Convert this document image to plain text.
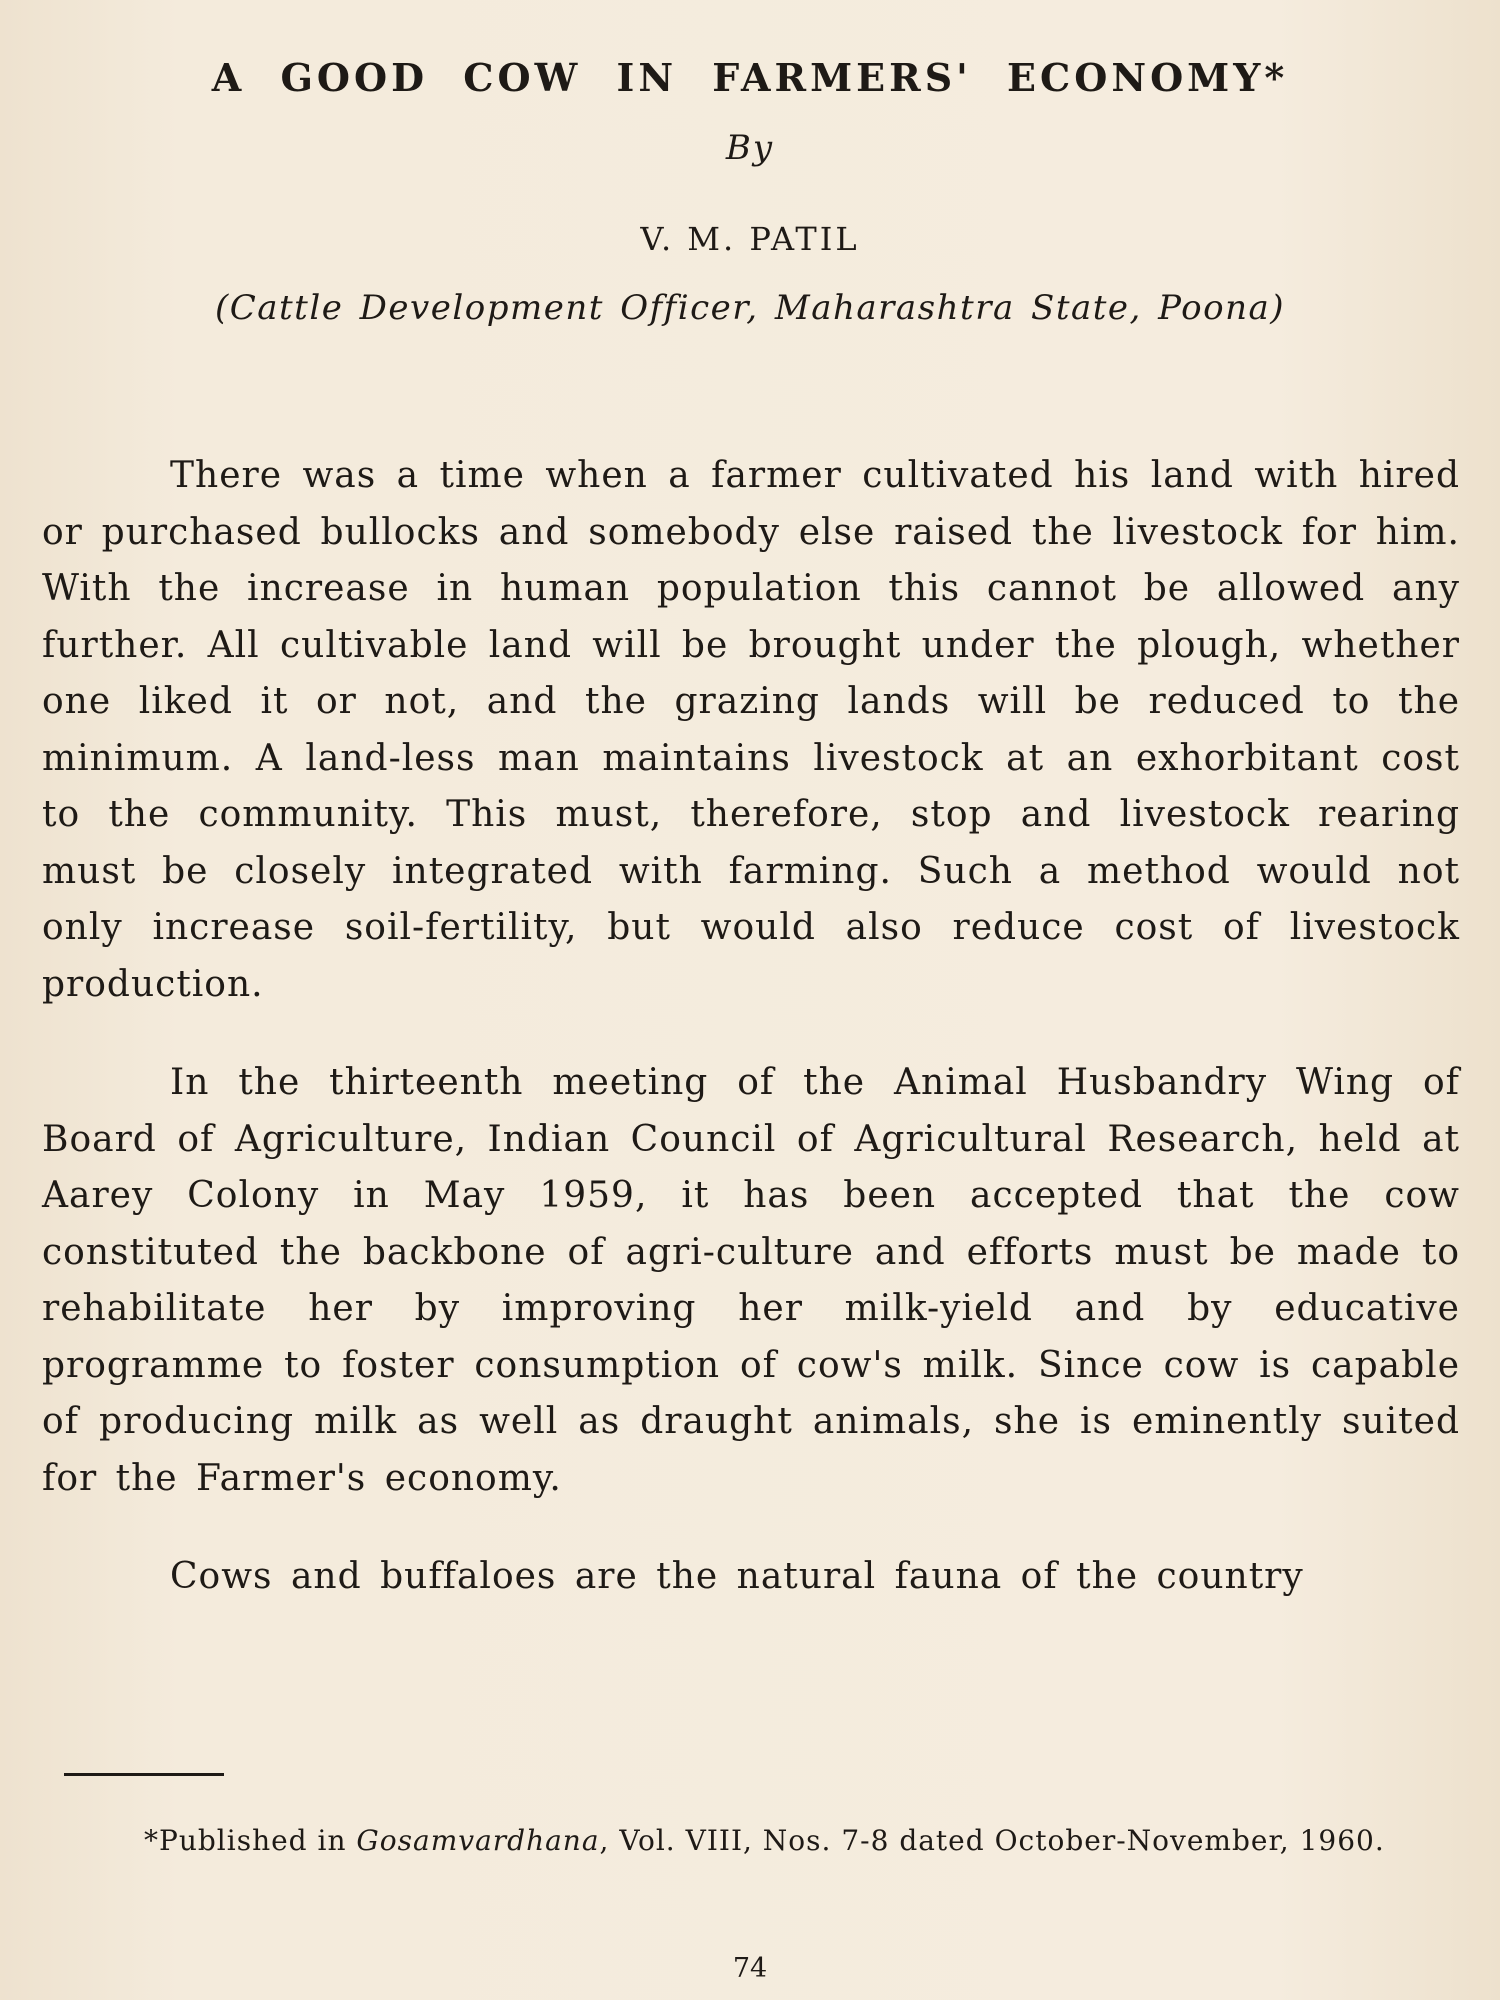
A GOOD COW IN FARMERS' ECONOMY*
By
V. M. PATIL
(Cattle Development Officer, Maharashtra State, Poona)

There was a time when a farmer cultivated his land with hired or purchased bullocks and somebody else raised the livestock for him. With the increase in human population this cannot be allowed any further. All cultivable land will be brought under the plough, whether one liked it or not, and the grazing lands will be reduced to the minimum. A land-less man maintains livestock at an exhorbitant cost to the community. This must, therefore, stop and livestock rearing must be closely integrated with farming. Such a method would not only increase soil-fertility, but would also reduce cost of livestock production.

In the thirteenth meeting of the Animal Husbandry Wing of Board of Agriculture, Indian Council of Agricultural Research, held at Aarey Colony in May 1959, it has been accepted that the cow constituted the backbone of agri-culture and efforts must be made to rehabilitate her by improving her milk-yield and by educative programme to foster consumption of cow's milk. Since cow is capable of producing milk as well as draught animals, she is eminently suited for the Farmer's economy.

Cows and buffaloes are the natural fauna of the country

*Published in Gosamvardhana, Vol. VIII, Nos. 7-8 dated October-November, 1960.

74
